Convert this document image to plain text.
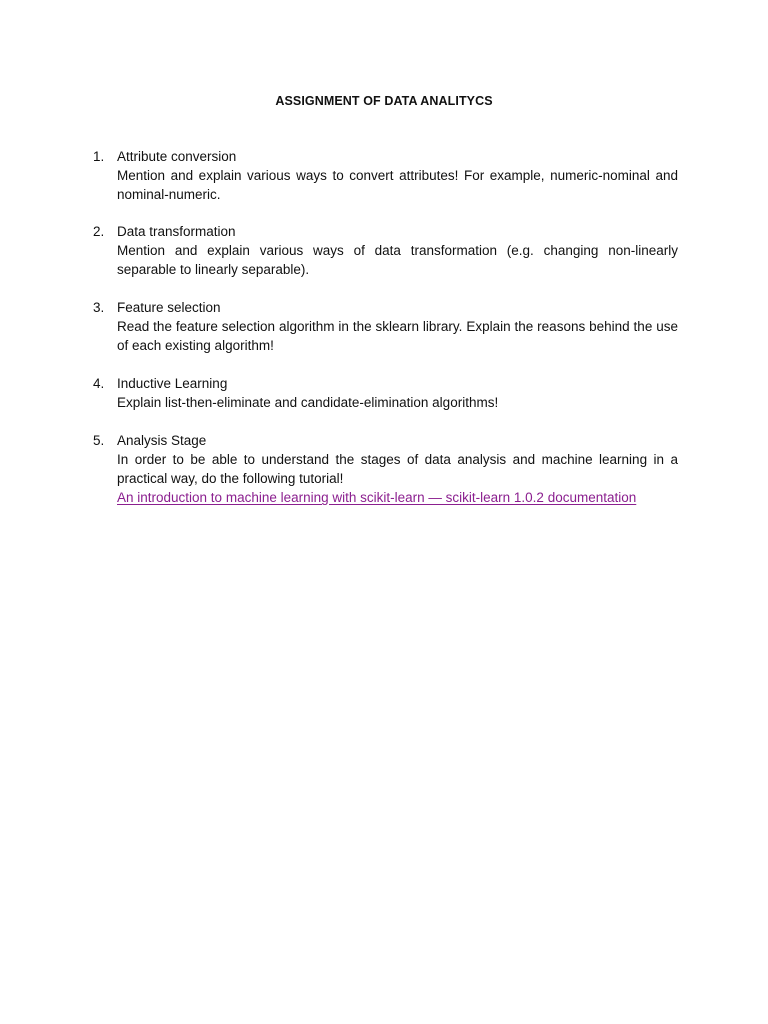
ASSIGNMENT OF DATA ANALITYCS
1. Attribute conversion
Mention and explain various ways to convert attributes! For example, numeric-nominal and nominal-numeric.
2. Data transformation
Mention and explain various ways of data transformation (e.g. changing non-linearly separable to linearly separable).
3. Feature selection
Read the feature selection algorithm in the sklearn library. Explain the reasons behind the use of each existing algorithm!
4. Inductive Learning
Explain list-then-eliminate and candidate-elimination algorithms!
5. Analysis Stage
In order to be able to understand the stages of data analysis and machine learning in a practical way, do the following tutorial!
An introduction to machine learning with scikit-learn — scikit-learn 1.0.2 documentation
